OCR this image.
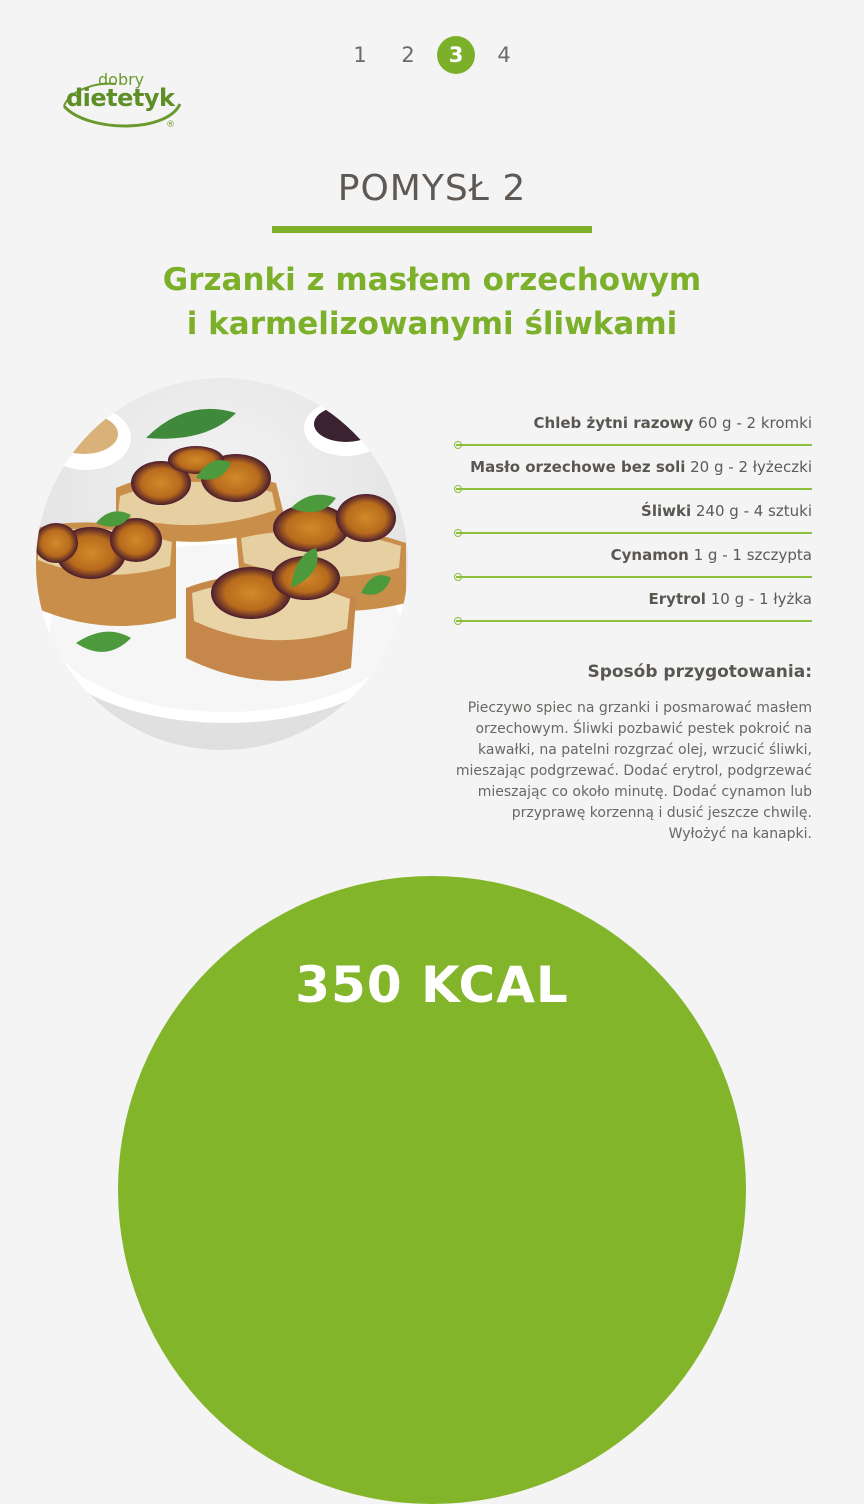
1 2 3 4
dobry
dietetyk
®
POMYSŁ 2
Grzanki z masłem orzechowym
i karmelizowanymi śliwkami
Chleb żytni razowy 60 g - 2 kromki
Masło orzechowe bez soli 20 g - 2 łyżeczki
Śliwki 240 g - 4 sztuki
Cynamon 1 g - 1 szczypta
Erytrol 10 g - 1 łyżka
Sposób przygotowania:
Pieczywo spiec na grzanki i posmarować masłem
orzechowym. Śliwki pozbawić pestek pokroić na
kawałki, na patelni rozgrzać olej, wrzucić śliwki,
mieszając podgrzewać. Dodać erytrol, podgrzewać
mieszając co około minutę. Dodać cynamon lub
przyprawę korzenną i dusić jeszcze chwilę.
Wyłożyć na kanapki.
350 KCAL
